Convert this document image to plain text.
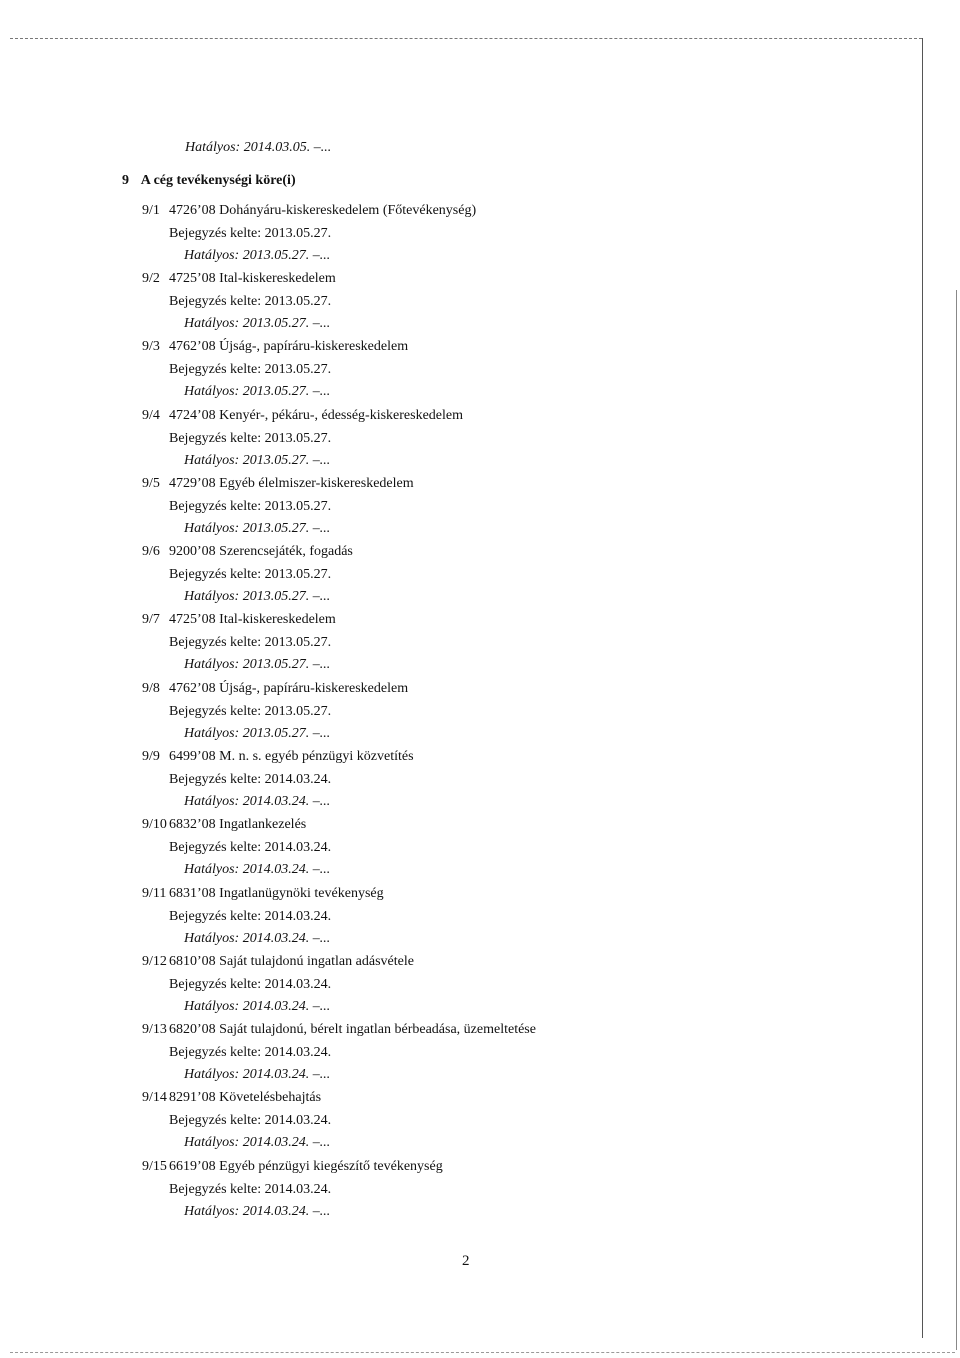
Hatályos: 2014.03.05. –...
9 A cég tevékenységi köre(i)
9/1 4726’08 Dohányáru-kiskereskedelem (Főtevékenység)
Bejegyzés kelte: 2013.05.27.
Hatályos: 2013.05.27. –...
9/2 4725’08 Ital-kiskereskedelem
Bejegyzés kelte: 2013.05.27.
Hatályos: 2013.05.27. –...
9/3 4762’08 Újság-, papíráru-kiskereskedelem
Bejegyzés kelte: 2013.05.27.
Hatályos: 2013.05.27. –...
9/4 4724’08 Kenyér-, pékáru-, édesség-kiskereskedelem
Bejegyzés kelte: 2013.05.27.
Hatályos: 2013.05.27. –...
9/5 4729’08 Egyéb élelmiszer-kiskereskedelem
Bejegyzés kelte: 2013.05.27.
Hatályos: 2013.05.27. –...
9/6 9200’08 Szerencsejáték, fogadás
Bejegyzés kelte: 2013.05.27.
Hatályos: 2013.05.27. –...
9/7 4725’08 Ital-kiskereskedelem
Bejegyzés kelte: 2013.05.27.
Hatályos: 2013.05.27. –...
9/8 4762’08 Újság-, papíráru-kiskereskedelem
Bejegyzés kelte: 2013.05.27.
Hatályos: 2013.05.27. –...
9/9 6499’08 M. n. s. egyéb pénzügyi közvetítés
Bejegyzés kelte: 2014.03.24.
Hatályos: 2014.03.24. –...
9/10 6832’08 Ingatlankezelés
Bejegyzés kelte: 2014.03.24.
Hatályos: 2014.03.24. –...
9/11 6831’08 Ingatlanügynöki tevékenység
Bejegyzés kelte: 2014.03.24.
Hatályos: 2014.03.24. –...
9/12 6810’08 Saját tulajdonú ingatlan adásvétele
Bejegyzés kelte: 2014.03.24.
Hatályos: 2014.03.24. –...
9/13 6820’08 Saját tulajdonú, bérelt ingatlan bérbeadása, üzemeltetése
Bejegyzés kelte: 2014.03.24.
Hatályos: 2014.03.24. –...
9/14 8291’08 Követelésbehajtás
Bejegyzés kelte: 2014.03.24.
Hatályos: 2014.03.24. –...
9/15 6619’08 Egyéb pénzügyi kiegészítő tevékenység
Bejegyzés kelte: 2014.03.24.
Hatályos: 2014.03.24. –...
2
